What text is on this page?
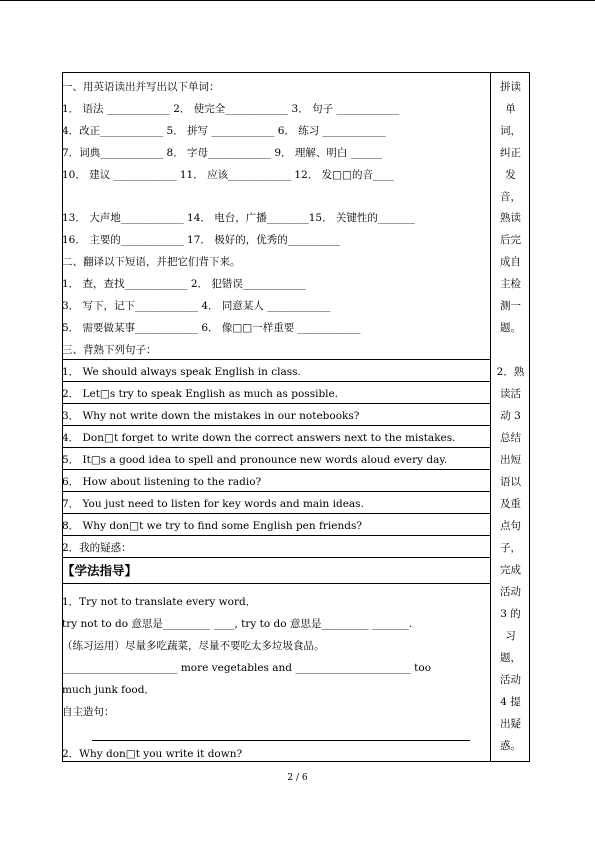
一、用英语读出并写出以下单词：
1． 语法 ____________ 2． 使完全____________ 3． 句子 ____________
4．改正____________ 5． 拼写 ____________ 6． 练习 ____________
7．词典____________ 8． 字母____________ 9． 理解、明白 ______
10． 建议 ____________ 11． 应该____________ 12． 发□□的音____
13． 大声地____________ 14． 电台，广播________15． 关键性的_______
16． 主要的____________ 17． 极好的，优秀的__________
二、翻译以下短语，并把它们背下来。
1． 查，查找____________ 2． 犯错误____________
3． 写下，记下____________ 4． 同意某人 ____________
5． 需要做某事____________ 6． 像□□一样重要 ____________
三、背熟下列句子：
1． We should always speak English in class.
2． Let□s try to speak English as much as possible.
3． Why not write down the mistakes in our notebooks?
4． Don□t forget to write down the correct answers next to the mistakes.
5． It□s a good idea to spell and pronounce new words aloud every day.
6． How about listening to the radio?
7． You just need to listen for key words and main ideas.
8． Why don□t we try to find some English pen friends?
2．我的疑惑：
【学法指导】
1．Try not to translate every word．
try not to do 意思是_________ ____, try to do 意思是_________ _______.
（练习运用）尽量多吃蔬菜，尽量不要吃太多垃圾食品。
______________________ more vegetables and ______________________ too
much junk food．
自主造句：
2．Why don□t you write it down?
拼读
单
词，
纠正
发
音，
熟读
后完
成自
主检
测一
题。
2．熟
读活
动 3
总结
出短
语以
及重
点句
子，
完成
活动
3 的
习
题，
活动
4 提
出疑
惑。
2 / 6
